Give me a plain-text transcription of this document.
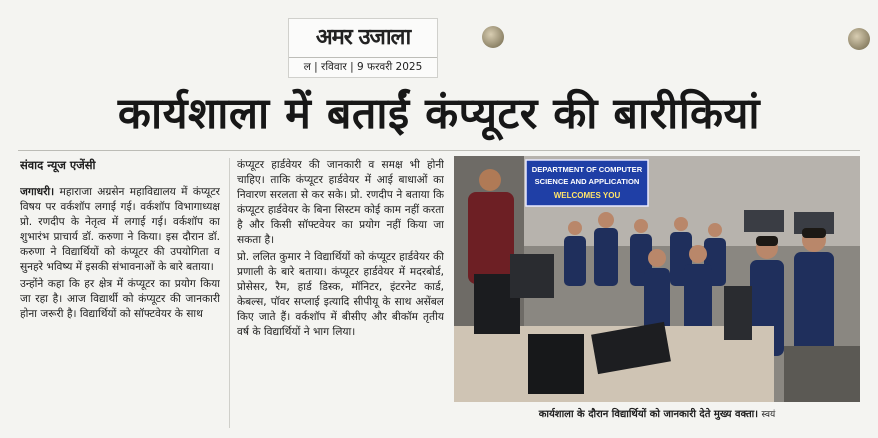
अमर उजाला
ल | रविवार | 9 फरवरी 2025
कार्यशाला में बताईं कंप्यूटर की बारीकियां
संवाद न्यूज एजेंसी

जगाधरी। महाराजा अग्रसेन महाविद्यालय में कंप्यूटर विषय पर वर्कशॉप लगाई गई। वर्कशॉप विभागाध्यक्ष प्रो. रणदीप के नेतृत्व में लगाई गई। वर्कशॉप का शुभारंभ प्राचार्य डॉ. करुणा ने किया। इस दौरान डॉ. करुणा ने विद्यार्थियों को कंप्यूटर की उपयोगिता व सुनहरे भविष्य में इसकी संभावनाओं के बारे बताया।

उन्होंने कहा कि हर क्षेत्र में कंप्यूटर का प्रयोग किया जा रहा है। आज विद्यार्थी को कंप्यूटर की जानकारी होना जरूरी है। विद्यार्थियों को सॉफ्टवेयर के साथ

कंप्यूटर हार्डवेयर की जानकारी व समक्ष भी होनी चाहिए। ताकि कंप्यूटर हार्डवेयर में आई बाधाओं का निवारण सरलता से कर सके। प्रो. रणदीप ने बताया कि कंप्यूटर हार्डवेयर के बिना सिस्टम कोई काम नहीं करता है और किसी सॉफ्टवेयर का प्रयोग नहीं किया जा सकता है।

प्रो. ललित कुमार ने विद्यार्थियों को कंप्यूटर हार्डवेयर की प्रणाली के बारे बताया। कंप्यूटर हार्डवेयर में मदरबोर्ड, प्रोसेसर, रैम, हार्ड डिस्क, मॉनिटर, इंटरनेट कार्ड, केबल्स, पॉवर सप्लाई इत्यादि सीपीयू के साथ असेंबल किए जाते हैं। वर्कशॉप में बीसीए और बीकॉम तृतीय वर्ष के विद्यार्थियों ने भाग लिया।

DEPARTMENT OF COMPUTER
SCIENCE AND APPLICATION
WELCOMES YOU
कार्यशाला के दौरान विद्यार्थियों को जानकारी देते मुख्य वक्ता। स्वयं
